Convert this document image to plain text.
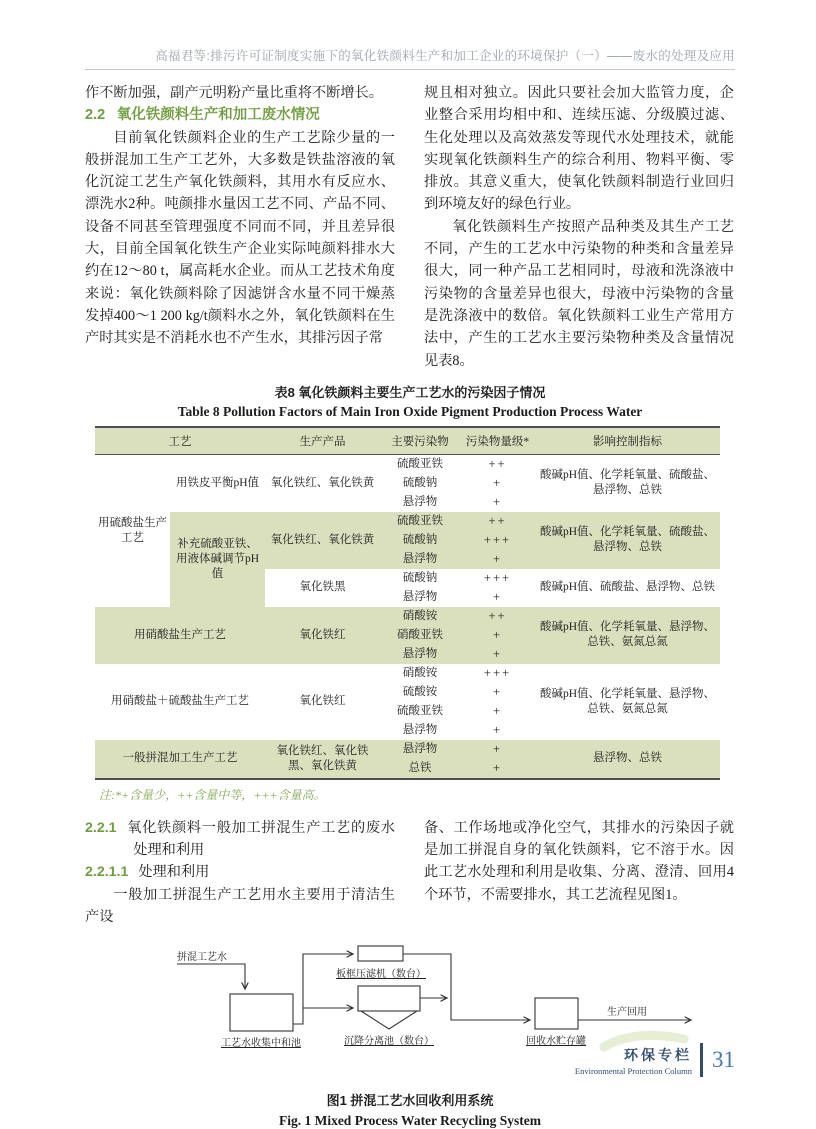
高福君等:排污许可证制度实施下的氧化铁颜料生产和加工企业的环境保护（一）——废水的处理及应用

作不断加强，副产元明粉产量比重将不断增长。

2.2 氧化铁颜料生产和加工废水情况

目前氧化铁颜料企业的生产工艺除少量的一般拼混加工生产工艺外，大多数是铁盐溶液的氧化沉淀工艺生产氧化铁颜料，其用水有反应水、漂洗水2种。吨颜排水量因工艺不同、产品不同、设备不同甚至管理强度不同而不同，并且差异很大，目前全国氧化铁生产企业实际吨颜料排水大约在12～80 t，属高耗水企业。而从工艺技术角度来说：氧化铁颜料除了因滤饼含水量不同干燥蒸发掉400～1 200 kg/t颜料水之外，氧化铁颜料在生产时其实是不消耗水也不产生水，其排污因子常

规且相对独立。因此只要社会加大监管力度，企业整合采用均相中和、连续压滤、分级膜过滤、生化处理以及高效蒸发等现代水处理技术，就能实现氧化铁颜料生产的综合利用、物料平衡、零排放。其意义重大，使氧化铁颜料制造行业回归到环境友好的绿色行业。

氧化铁颜料生产按照产品种类及其生产工艺不同，产生的工艺水中污染物的种类和含量差异很大，同一种产品工艺相同时，母液和洗涤液中污染物的含量差异也很大，母液中污染物的含量是洗涤液中的数倍。氧化铁颜料工业生产常用方法中，产生的工艺水主要污染物种类及含量情况见表8。

表8 氧化铁颜料主要生产工艺水的污染因子情况
Table 8 Pollution Factors of Main Iron Oxide Pigment Production Process Water
工艺		生产产品	主要污染物	污染物量级*	影响控制指标
用硫酸盐生产工艺	用铁皮平衡pH值	氧化铁红、氧化铁黄	硫酸亚铁	++	酸碱pH值、化学耗氧量、硫酸盐、悬浮物、总铁
			硫酸钠	+	
			悬浮物	+	
	补充硫酸亚铁、用液体碱调节pH值	氧化铁红、氧化铁黄	硫酸亚铁	++	酸碱pH值、化学耗氧量、硫酸盐、悬浮物、总铁
			硫酸钠	+++	
			悬浮物	+	
		氧化铁黑	硫酸钠	+++	酸碱pH值、硫酸盐、悬浮物、总铁
			悬浮物	+	
用硝酸盐生产工艺		氧化铁红	硝酸铵	++	酸碱pH值、化学耗氧量、悬浮物、总铁、氨氮总氮
			硝酸亚铁	+	
			悬浮物	+	
用硝酸盐＋硫酸盐生产工艺		氧化铁红	硝酸铵	+++	酸碱pH值、化学耗氧量、悬浮物、总铁、氨氮总氮
			硫酸铵	+	
			硫酸亚铁	+	
			悬浮物	+	
一般拼混加工生产工艺		氧化铁红、氧化铁黑、氧化铁黄	悬浮物	+	悬浮物、总铁
			总铁	+	
注:*+含量少，++含量中等，+++含量高。

2.2.1 氧化铁颜料一般加工拼混生产工艺的废水处理和利用

2.2.1.1 处理和利用

一般加工拼混生产工艺用水主要用于清洁生产设

备、工作场地或净化空气，其排水的污染因子就是加工拼混自身的氧化铁颜料，它不溶于水。因此工艺水处理和利用是收集、分离、澄清、回用4个环节，不需要排水，其工艺流程见图1。

拼混工艺水
工艺水收集中和池
板框压滤机（数台）
沉降分离池（数台）	回收水贮存罐
生产回用
图1 拼混工艺水回收利用系统
Fig. 1 Mixed Process Water Recycling System
环保专栏
Environmental Protection Column 31
